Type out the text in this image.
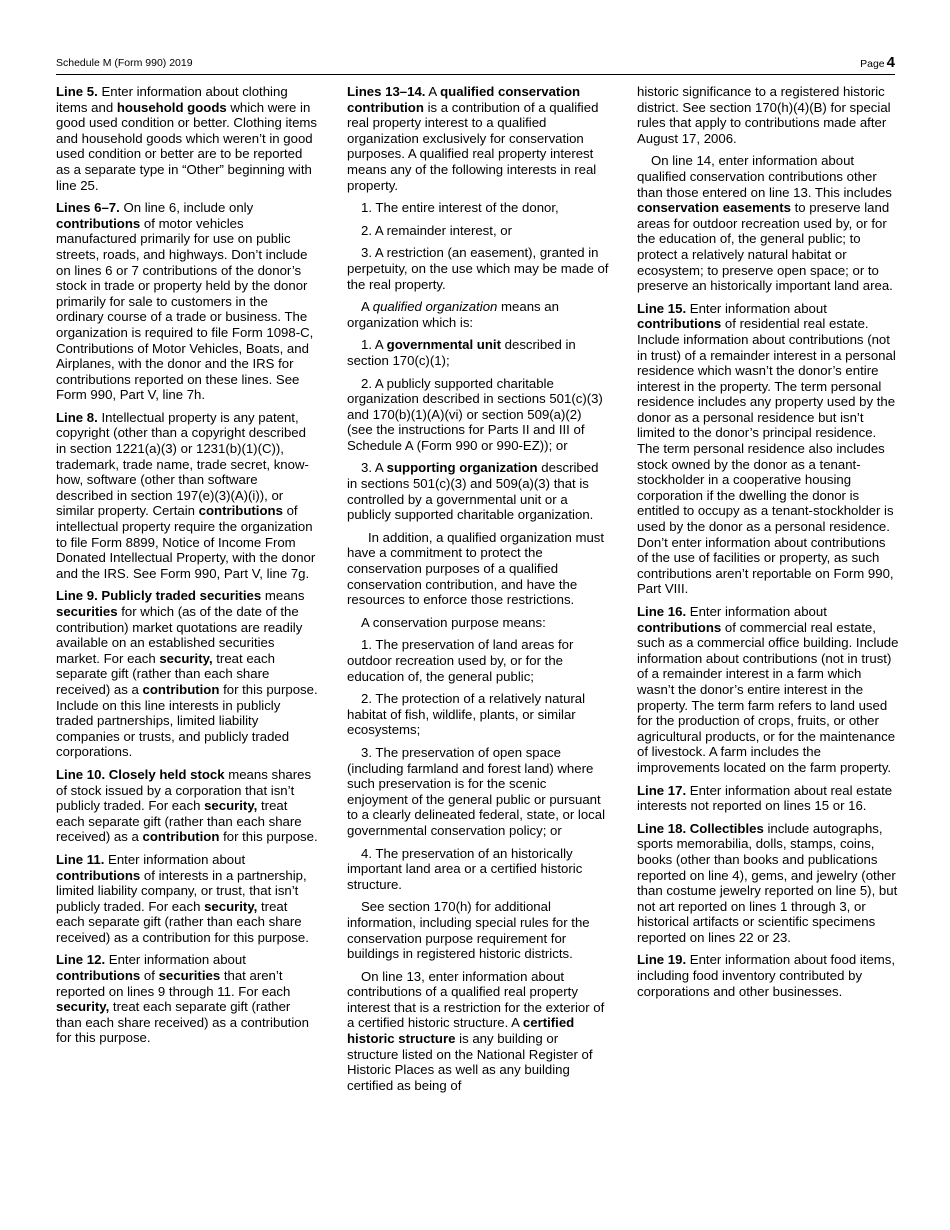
Schedule M (Form 990) 2019	Page 4

Line 5. Enter information about clothing items and household goods which were in good used condition or better. Clothing items and household goods which weren’t in good used condition or better are to be reported as a separate type in “Other” beginning with line 25.

Lines 6–7. On line 6, include only contributions of motor vehicles manufactured primarily for use on public streets, roads, and highways. Don’t include on lines 6 or 7 contributions of the donor’s stock in trade or property held by the donor primarily for sale to customers in the ordinary course of a trade or business. The organization is required to file Form 1098-C, Contributions of Motor Vehicles, Boats, and Airplanes, with the donor and the IRS for contributions reported on these lines. See Form 990, Part V, line 7h.

Line 8. Intellectual property is any patent, copyright (other than a copyright described in section 1221(a)(3) or 1231(b)(1)(C)), trademark, trade name, trade secret, know-how, software (other than software described in section 197(e)(3)(A)(i)), or similar property. Certain contributions of intellectual property require the organization to file Form 8899, Notice of Income From Donated Intellectual Property, with the donor and the IRS. See Form 990, Part V, line 7g.

Line 9. Publicly traded securities means securities for which (as of the date of the contribution) market quotations are readily available on an established securities market. For each security, treat each separate gift (rather than each share received) as a contribution for this purpose. Include on this line interests in publicly traded partnerships, limited liability companies or trusts, and publicly traded corporations.

Line 10. Closely held stock means shares of stock issued by a corporation that isn’t publicly traded. For each security, treat each separate gift (rather than each share received) as a contribution for this purpose.

Line 11. Enter information about contributions of interests in a partnership, limited liability company, or trust, that isn’t publicly traded. For each security, treat each separate gift (rather than each share received) as a contribution for this purpose.

Line 12. Enter information about contributions of securities that aren’t reported on lines 9 through 11. For each security, treat each separate gift (rather than each share received) as a contribution for this purpose.

Lines 13–14. A qualified conservation contribution is a contribution of a qualified real property interest to a qualified organization exclusively for conservation purposes. A qualified real property interest means any of the following interests in real property.

1. The entire interest of the donor,

2. A remainder interest, or

3. A restriction (an easement), granted in perpetuity, on the use which may be made of the real property.

A qualified organization means an organization which is:

1. A governmental unit described in section 170(c)(1);

2. A publicly supported charitable organization described in sections 501(c)(3) and 170(b)(1)(A)(vi) or section 509(a)(2) (see the instructions for Parts II and III of Schedule A (Form 990 or 990-EZ)); or

3. A supporting organization described in sections 501(c)(3) and 509(a)(3) that is controlled by a governmental unit or a publicly supported charitable organization.

In addition, a qualified organization must have a commitment to protect the conservation purposes of a qualified conservation contribution, and have the resources to enforce those restrictions.

A conservation purpose means:

1. The preservation of land areas for outdoor recreation used by, or for the education of, the general public;

2. The protection of a relatively natural habitat of fish, wildlife, plants, or similar ecosystems;

3. The preservation of open space (including farmland and forest land) where such preservation is for the scenic enjoyment of the general public or pursuant to a clearly delineated federal, state, or local governmental conservation policy; or

4. The preservation of an historically important land area or a certified historic structure.

See section 170(h) for additional information, including special rules for the conservation purpose requirement for buildings in registered historic districts.

On line 13, enter information about contributions of a qualified real property interest that is a restriction for the exterior of a certified historic structure. A certified historic structure is any building or structure listed on the National Register of Historic Places as well as any building certified as being of

historic significance to a registered historic district. See section 170(h)(4)(B) for special rules that apply to contributions made after August 17, 2006.

On line 14, enter information about qualified conservation contributions other than those entered on line 13. This includes conservation easements to preserve land areas for outdoor recreation used by, or for the education of, the general public; to protect a relatively natural habitat or ecosystem; to preserve open space; or to preserve an historically important land area.

Line 15. Enter information about contributions of residential real estate. Include information about contributions (not in trust) of a remainder interest in a personal residence which wasn’t the donor’s entire interest in the property. The term personal residence includes any property used by the donor as a personal residence but isn’t limited to the donor’s principal residence. The term personal residence also includes stock owned by the donor as a tenant-stockholder in a cooperative housing corporation if the dwelling the donor is entitled to occupy as a tenant-stockholder is used by the donor as a personal residence. Don’t enter information about contributions of the use of facilities or property, as such contributions aren’t reportable on Form 990, Part VIII.

Line 16. Enter information about contributions of commercial real estate, such as a commercial office building. Include information about contributions (not in trust) of a remainder interest in a farm which wasn’t the donor’s entire interest in the property. The term farm refers to land used for the production of crops, fruits, or other agricultural products, or for the maintenance of livestock. A farm includes the improvements located on the farm property.

Line 17. Enter information about real estate interests not reported on lines 15 or 16.

Line 18. Collectibles include autographs, sports memorabilia, dolls, stamps, coins, books (other than books and publications reported on line 4), gems, and jewelry (other than costume jewelry reported on line 5), but not art reported on lines 1 through 3, or historical artifacts or scientific specimens reported on lines 22 or 23.

Line 19. Enter information about food items, including food inventory contributed by corporations and other businesses.
